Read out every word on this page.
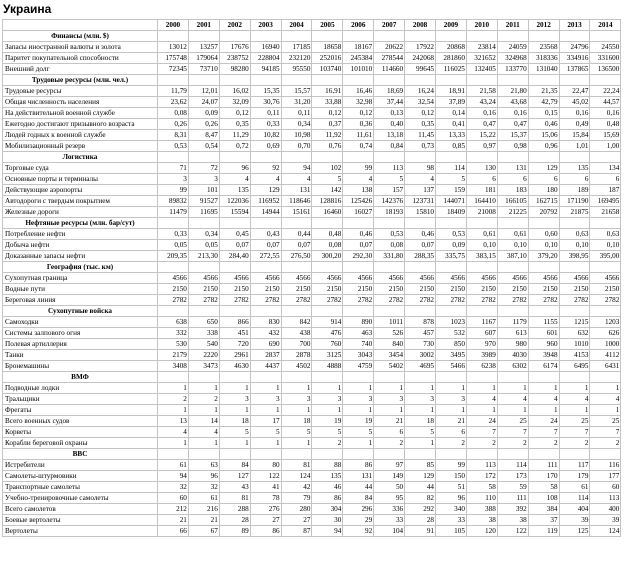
Украина
	2000	2001	2002	2003	2004	2005	2006	2007	2008	2009	2010	2011	2012	2013	2014
Финансы (млн. $)															
Запасы иностранной валюты и золота	13012	13257	17676	16940	17185	18658	18167	20622	17922	20868	23814	24059	23568	24796	24550
Паритет покупательной способности	175748	179064	238752	228804	232120	252016	245384	278544	242068	281860	321652	324968	318336	334916	331600
Внешний долг	72345	73710	98280	94185	95550	103740	101010	114660	99645	116025	132405	133770	131040	137865	136500
Трудовые ресурсы (млн. чел.)															
Трудовые ресурсы	11,79	12,01	16,02	15,35	15,57	16,91	16,46	18,69	16,24	18,91	21,58	21,80	21,35	22,47	22,24
Общая численность населения	23,62	24,07	32,09	30,76	31,20	33,88	32,98	37,44	32,54	37,89	43,24	43,68	42,79	45,02	44,57
На действительной военной службе	0,08	0,09	0,12	0,11	0,11	0,12	0,12	0,13	0,12	0,14	0,16	0,16	0,15	0,16	0,16
Ежегодно достигают призывного возраста	0,26	0,26	0,35	0,33	0,34	0,37	0,36	0,40	0,35	0,41	0,47	0,47	0,46	0,49	0,48
Людей годных к военной службе	8,31	8,47	11,29	10,82	10,98	11,92	11,61	13,18	11,45	13,33	15,22	15,37	15,06	15,84	15,69
Мобилизационный резерв	0,53	0,54	0,72	0,69	0,70	0,76	0,74	0,84	0,73	0,85	0,97	0,98	0,96	1,01	1,00
Логистика															
Торговые суда	71	72	96	92	94	102	99	113	98	114	130	131	129	135	134
Основные порты и терминалы	3	3	4	4	4	5	4	5	4	5	6	6	6	6	6
Действующие аэропорты	99	101	135	129	131	142	138	157	137	159	181	183	180	189	187
Автодороги с твердым покрытием	89832	91527	122036	116952	118646	128816	125426	142376	123731	144071	164410	166105	162715	171190	169495
Железные дороги	11479	11695	15594	14944	15161	16460	16027	18193	15810	18409	21008	21225	20792	21875	21658
Нефтяные ресурсы (млн. бар/сут)															
Потребление нефти	0,33	0,34	0,45	0,43	0,44	0,48	0,46	0,53	0,46	0,53	0,61	0,61	0,60	0,63	0,63
Добыча нефти	0,05	0,05	0,07	0,07	0,07	0,08	0,07	0,08	0,07	0,09	0,10	0,10	0,10	0,10	0,10
Доказанные запасы нефти	209,35	213,30	284,40	272,55	276,50	300,20	292,30	331,80	288,35	335,75	383,15	387,10	379,20	398,95	395,00
География (тыс. км)															
Сухопутная граница	4566	4566	4566	4566	4566	4566	4566	4566	4566	4566	4566	4566	4566	4566	4566
Водные пути	2150	2150	2150	2150	2150	2150	2150	2150	2150	2150	2150	2150	2150	2150	2150
Береговая линия	2782	2782	2782	2782	2782	2782	2782	2782	2782	2782	2782	2782	2782	2782	2782
Сухопутные войска															
Самоходки	638	650	866	830	842	914	890	1011	878	1023	1167	1179	1155	1215	1203
Системы залпового огня	332	338	451	432	438	476	463	526	457	532	607	613	601	632	626
Полевая артиллерия	530	540	720	690	700	760	740	840	730	850	970	980	960	1010	1000
Танки	2179	2220	2961	2837	2878	3125	3043	3454	3002	3495	3989	4030	3948	4153	4112
Бронемашины	3408	3473	4630	4437	4502	4888	4759	5402	4695	5466	6238	6302	6174	6495	6431
ВМФ															
Подводные лодки	1	1	1	1	1	1	1	1	1	1	1	1	1	1	1
Тральщики	2	2	3	3	3	3	3	3	3	3	4	4	4	4	4
Фрегаты	1	1	1	1	1	1	1	1	1	1	1	1	1	1	1
Всего военных судов	13	14	18	17	18	19	19	21	18	21	24	25	24	25	25
Корветы	4	4	5	5	5	5	5	6	5	6	7	7	7	7	7
Корабли береговой охраны	1	1	1	1	1	2	1	2	1	2	2	2	2	2	2
ВВС															
Истребители	61	63	84	80	81	88	86	97	85	99	113	114	111	117	116
Самолеты-штурмовики	94	96	127	122	124	135	131	149	129	150	172	173	170	179	177
Транспортные самолеты	32	32	43	41	42	46	44	50	44	51	58	59	58	61	60
Учебно-тренировочные самолеты	60	61	81	78	79	86	84	95	82	96	110	111	108	114	113
Всего самолетов	212	216	288	276	280	304	296	336	292	340	388	392	384	404	400
Боевые вертолеты	21	21	28	27	27	30	29	33	28	33	38	38	37	39	39
Вертолеты	66	67	89	86	87	94	92	104	91	105	120	122	119	125	124
